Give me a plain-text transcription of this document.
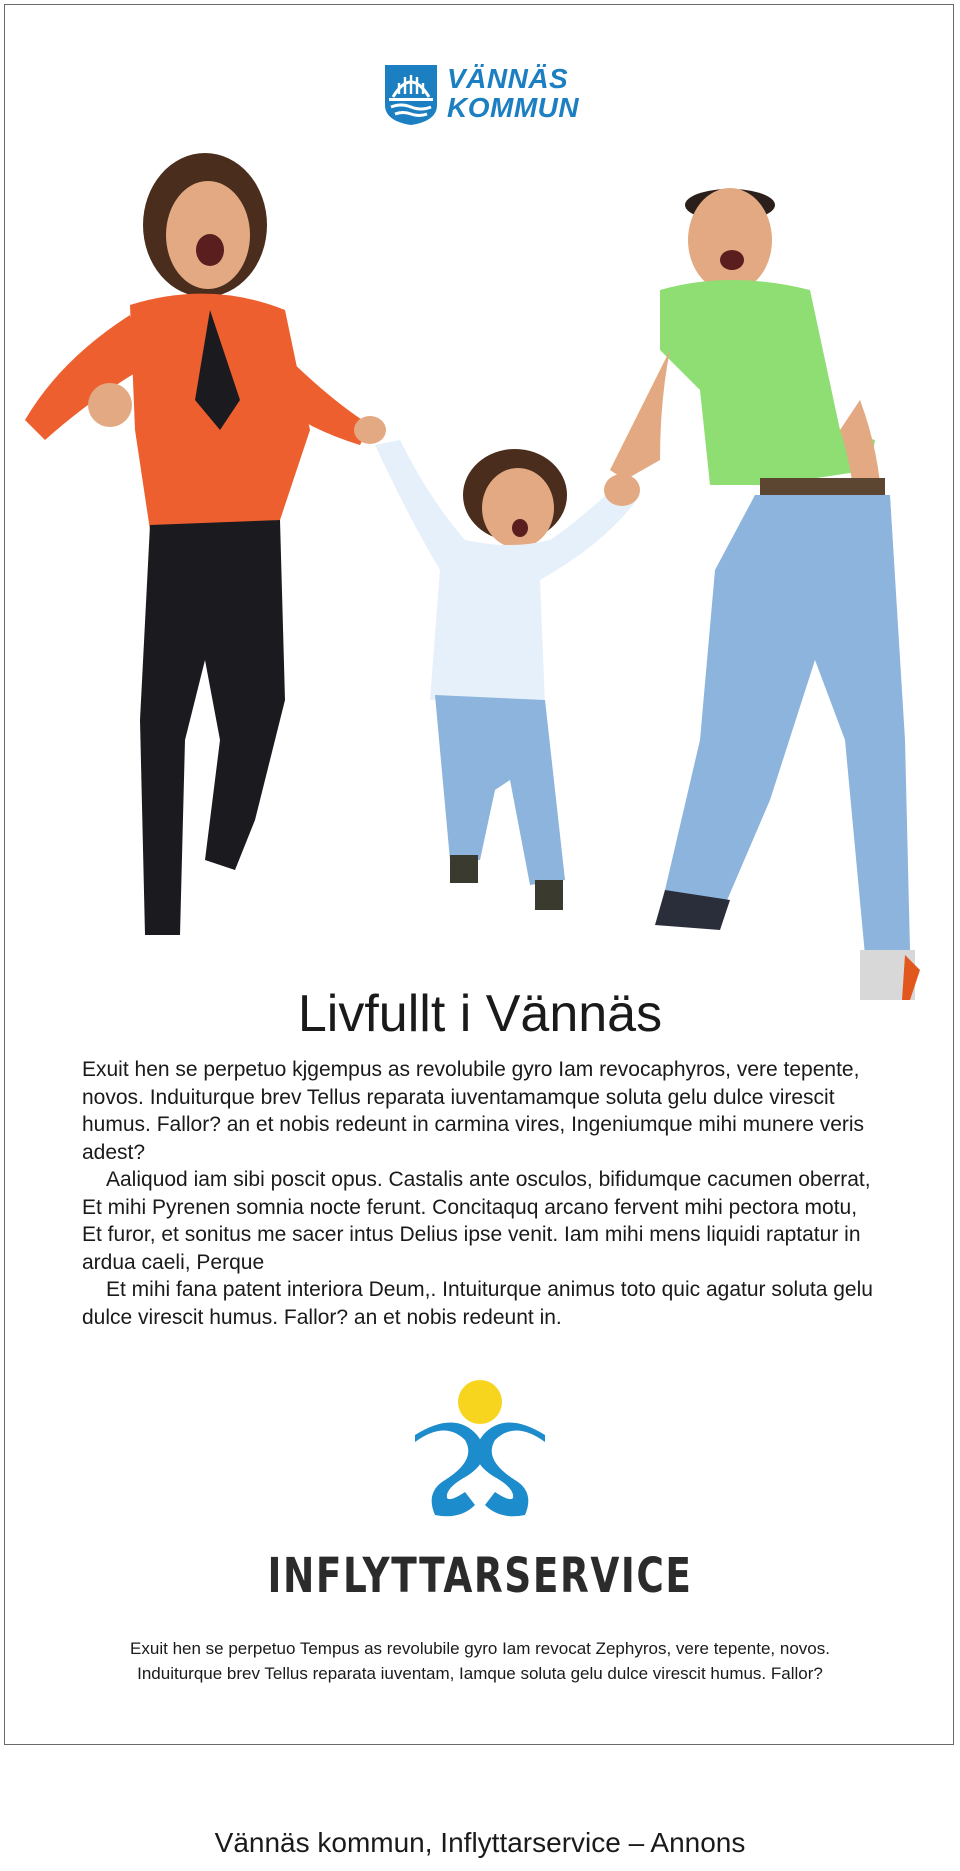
VÄNNÄS
KOMMUN
Livfullt i Vännäs

Exuit hen se perpetuo kjgempus as revolubile gyro Iam revocaphyros, vere tepente, novos. Induiturque brev Tellus reparata iuventamamque soluta gelu dulce virescit humus. Fallor? an et nobis redeunt in carmina vires, Ingeniumque mihi munere veris adest?

Aaliquod iam sibi poscit opus. Castalis ante osculos, bifidumque cacumen oberrat, Et mihi Pyrenen somnia nocte ferunt. Concitaquq arcano fervent mihi pectora motu, Et furor, et sonitus me sacer intus Delius ipse venit. Iam mihi mens liquidi raptatur in ardua caeli, Perque

Et mihi fana patent interiora Deum,. Intuiturque animus toto quic agatur soluta gelu dulce virescit humus. Fallor? an et nobis redeunt in.

INFLYTTARSERVICE

Exuit hen se perpetuo Tempus as revolubile gyro Iam revocat Zephyros, vere tepente, novos.

Induiturque brev Tellus reparata iuventam, Iamque soluta gelu dulce virescit humus. Fallor?

Vännäs kommun, Inflyttarservice – Annons
